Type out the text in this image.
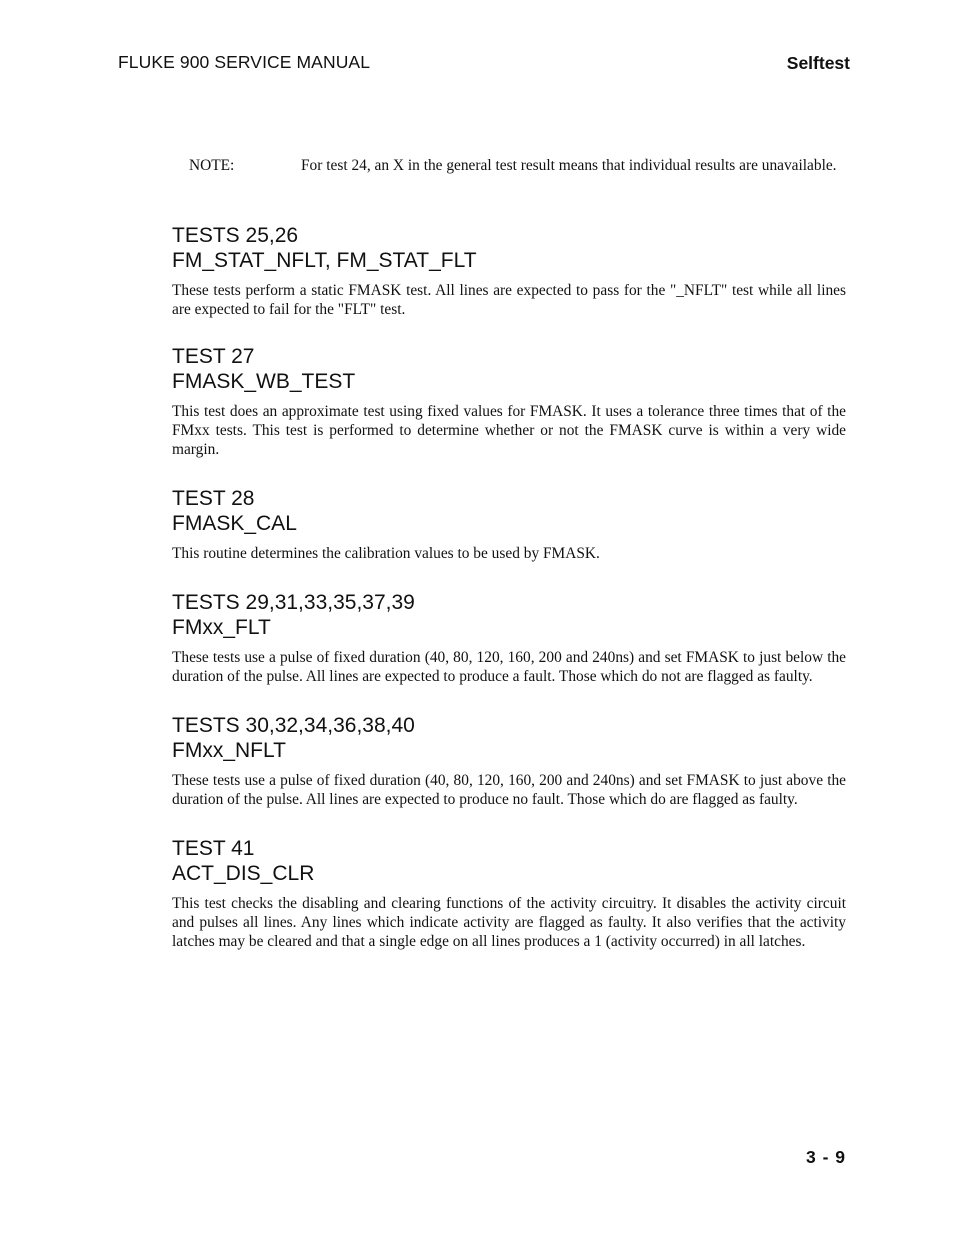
FLUKE 900 SERVICE MANUAL	Selftest
NOTE:	For test 24, an X in the general test result means that individual results are unavailable.
TESTS 25,26
FM_STAT_NFLT, FM_STAT_FLT

These tests perform a static FMASK test. All lines are expected to pass for the "_NFLT" test while all lines are expected to fail for the "FLT" test.

TEST 27
FMASK_WB_TEST

This test does an approximate test using fixed values for FMASK. It uses a tolerance three times that of the FMxx tests. This test is performed to determine whether or not the FMASK curve is within a very wide margin.

TEST 28
FMASK_CAL

This routine determines the calibration values to be used by FMASK.

TESTS 29,31,33,35,37,39
FMxx_FLT

These tests use a pulse of fixed duration (40, 80, 120, 160, 200 and 240ns) and set FMASK to just below the duration of the pulse. All lines are expected to produce a fault. Those which do not are flagged as faulty.

TESTS 30,32,34,36,38,40
FMxx_NFLT

These tests use a pulse of fixed duration (40, 80, 120, 160, 200 and 240ns) and set FMASK to just above the duration of the pulse. All lines are expected to produce no fault. Those which do are flagged as faulty.

TEST 41
ACT_DIS_CLR

This test checks the disabling and clearing functions of the activity circuitry. It disables the activity circuit and pulses all lines. Any lines which indicate activity are flagged as faulty. It also verifies that the activity latches may be cleared and that a single edge on all lines produces a 1 (activity occurred) in all latches.

3 - 9
